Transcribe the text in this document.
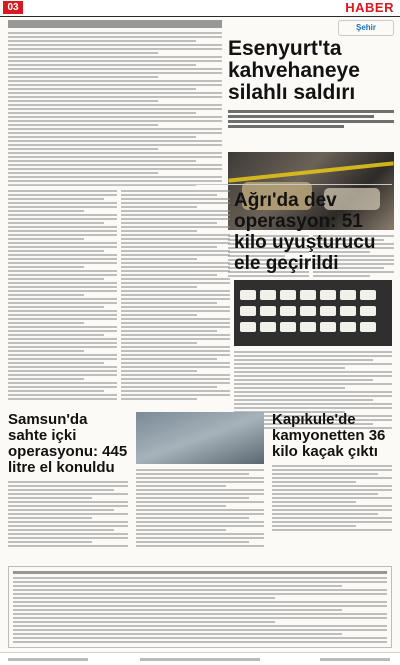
03	HABER
Şehir
Esenyurt'ta kahvehaneye silahlı saldırı
Ağrı'da dev operasyon: 51 kilo uyuşturucu ele geçirildi
Samsun'da sahte içki operasyonu: 445 litre el konuldu
Kapıkule'de kamyonetten 36 kilo kaçak çıktı
